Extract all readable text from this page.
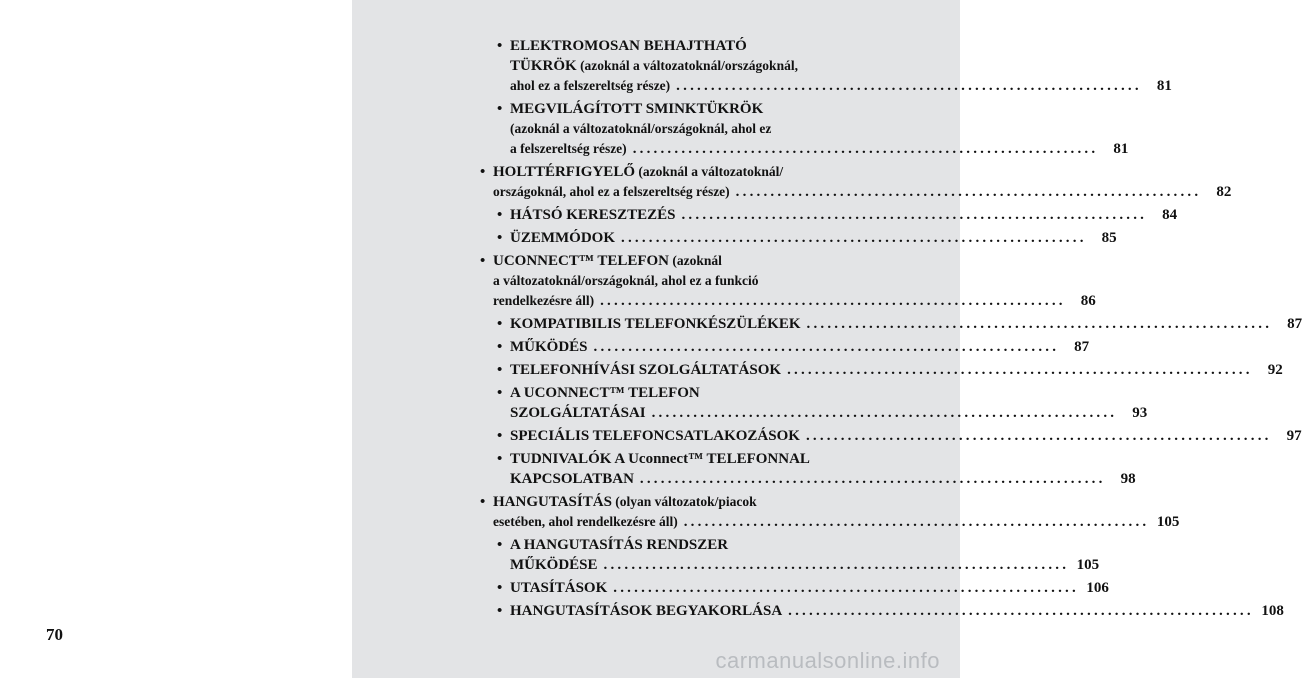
70
• ELEKTROMOSAN BEHAJTHATÓ
TÜKRÖK (azoknál a változatoknál/országoknál,
ahol ez a felszereltség része) ...................................................................	81
• MEGVILÁGÍTOTT SMINKTÜKRÖK
(azoknál a változatoknál/országoknál, ahol ez
a felszereltség része) ...................................................................	81
• HOLTTÉRFIGYELŐ (azoknál a változatoknál/
országoknál, ahol ez a felszereltség része) ...................................................................	82
• HÁTSÓ KERESZTEZÉS ...................................................................	84
• ÜZEMMÓDOK ...................................................................	85
• UCONNECT™ TELEFON (azoknál
a változatoknál/országoknál, ahol ez a funkció
rendelkezésre áll) ...................................................................	86
• KOMPATIBILIS TELEFONKÉSZÜLÉKEK ...................................................................	87
• MŰKÖDÉS ...................................................................	87
• TELEFONHÍVÁSI SZOLGÁLTATÁSOK ...................................................................	92
• A UCONNECT™ TELEFON
SZOLGÁLTATÁSAI ...................................................................	93
• SPECIÁLIS TELEFONCSATLAKOZÁSOK ...................................................................	97
• TUDNIVALÓK A Uconnect™ TELEFONNAL
KAPCSOLATBAN ...................................................................	98
• HANGUTASÍTÁS (olyan változatok/piacok
esetében, ahol rendelkezésre áll) ................................................................... 105
• A HANGUTASÍTÁS RENDSZER
MŰKÖDÉSE ................................................................... 105
• UTASÍTÁSOK ................................................................... 106
• HANGUTASÍTÁSOK BEGYAKORLÁSA ................................................................... 108
carmanualsonline.info
